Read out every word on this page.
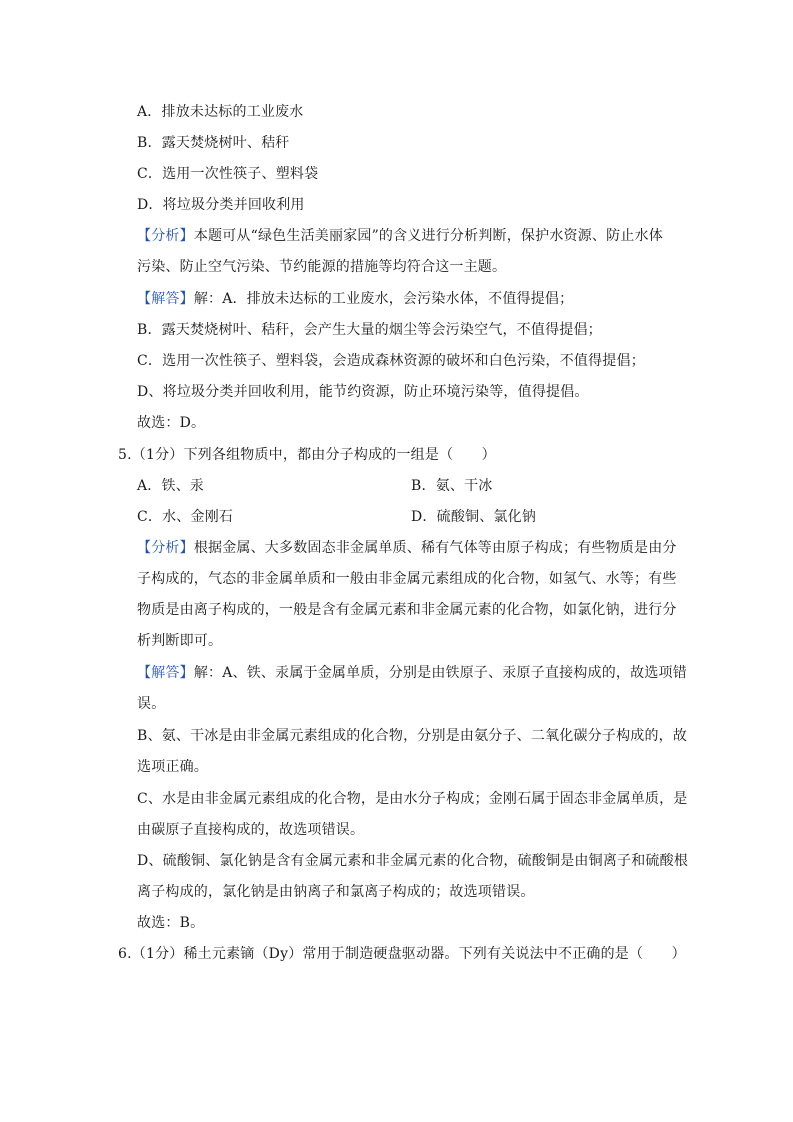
A．排放未达标的工业废水
B．露天焚烧树叶、秸秆
C．选用一次性筷子、塑料袋
D．将垃圾分类并回收利用
【分析】本题可从“绿色生活美丽家园”的含义进行分析判断，保护水资源、防止水体
污染、防止空气污染、节约能源的措施等均符合这一主题。
【解答】解：A．排放未达标的工业废水，会污染水体，不值得提倡；
B．露天焚烧树叶、秸秆，会产生大量的烟尘等会污染空气，不值得提倡；
C．选用一次性筷子、塑料袋，会造成森林资源的破坏和白色污染，不值得提倡；
D、将垃圾分类并回收利用，能节约资源，防止环境污染等，值得提倡。
故选：D。
5.（1分）下列各组物质中，都由分子构成的一组是（　　）
A．铁、汞	B．氨、干冰
C．水、金刚石	D．硫酸铜、氯化钠
【分析】根据金属、大多数固态非金属单质、稀有气体等由原子构成；有些物质是由分
子构成的，气态的非金属单质和一般由非金属元素组成的化合物，如氢气、水等；有些
物质是由离子构成的，一般是含有金属元素和非金属元素的化合物，如氯化钠，进行分
析判断即可。
【解答】解：A、铁、汞属于金属单质，分别是由铁原子、汞原子直接构成的，故选项错
误。
B、氨、干冰是由非金属元素组成的化合物，分别是由氨分子、二氧化碳分子构成的，故
选项正确。
C、水是由非金属元素组成的化合物，是由水分子构成；金刚石属于固态非金属单质，是
由碳原子直接构成的，故选项错误。
D、硫酸铜、氯化钠是含有金属元素和非金属元素的化合物，硫酸铜是由铜离子和硫酸根
离子构成的，氯化钠是由钠离子和氯离子构成的；故选项错误。
故选：B。
6.（1分）稀土元素镝（Dy）常用于制造硬盘驱动器。下列有关说法中不正确的是（　　）
